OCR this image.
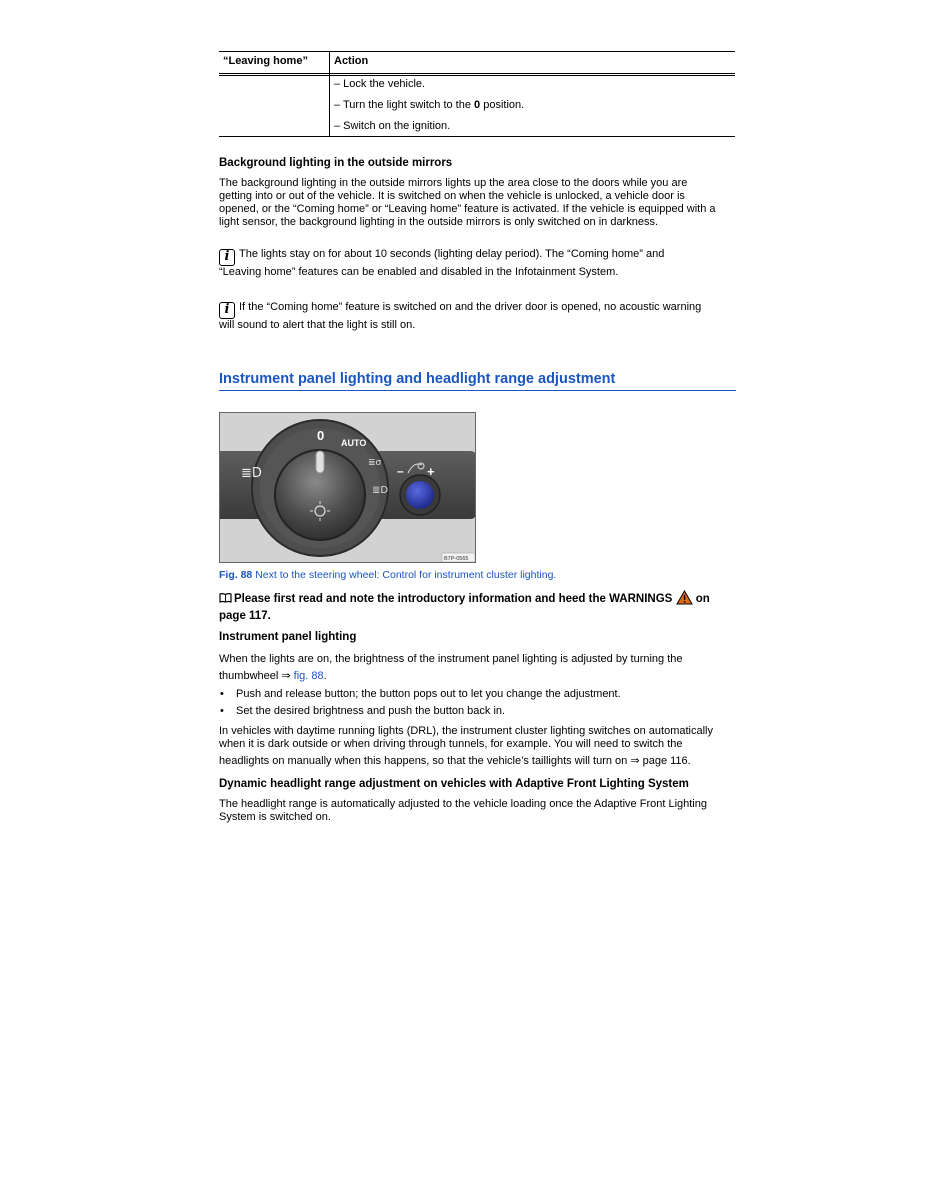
“Leaving home” Action
– Lock the vehicle.
– Turn the light switch to the 0 position.
– Switch on the ignition.
Background lighting in the outside mirrors

The background lighting in the outside mirrors lights up the area close to the doors while you are

getting into or out of the vehicle. It is switched on when the vehicle is unlocked, a vehicle door is

opened, or the “Coming home” or “Leaving home” feature is activated. If the vehicle is equipped with a

light sensor, the background lighting in the outside mirrors is only switched on in darkness.

i The lights stay on for about 10 seconds (lighting delay period). The “Coming home” and

“Leaving home” features can be enabled and disabled in the Infotainment System.

i If the “Coming home” feature is switched on and the driver door is opened, no acoustic warning

will sound to alert that the light is still on.

Instrument panel lighting and headlight range adjustment
≣D
0 AUTO
≣σ
≣D
– +
B7P-0565
Fig. 88 Next to the steering wheel: Control for instrument cluster lighting.

Please first read and note the introductory information and heed the WARNINGS on

page 117.

Instrument panel lighting

When the lights are on, the brightness of the instrument panel lighting is adjusted by turning the

thumbwheel ⇒ fig. 88.

• Push and release button; the button pops out to let you change the adjustment.

• Set the desired brightness and push the button back in.

In vehicles with daytime running lights (DRL), the instrument cluster lighting switches on automatically

when it is dark outside or when driving through tunnels, for example. You will need to switch the

headlights on manually when this happens, so that the vehicle’s taillights will turn on ⇒ page 116.

Dynamic headlight range adjustment on vehicles with Adaptive Front Lighting System

The headlight range is automatically adjusted to the vehicle loading once the Adaptive Front Lighting

System is switched on.
